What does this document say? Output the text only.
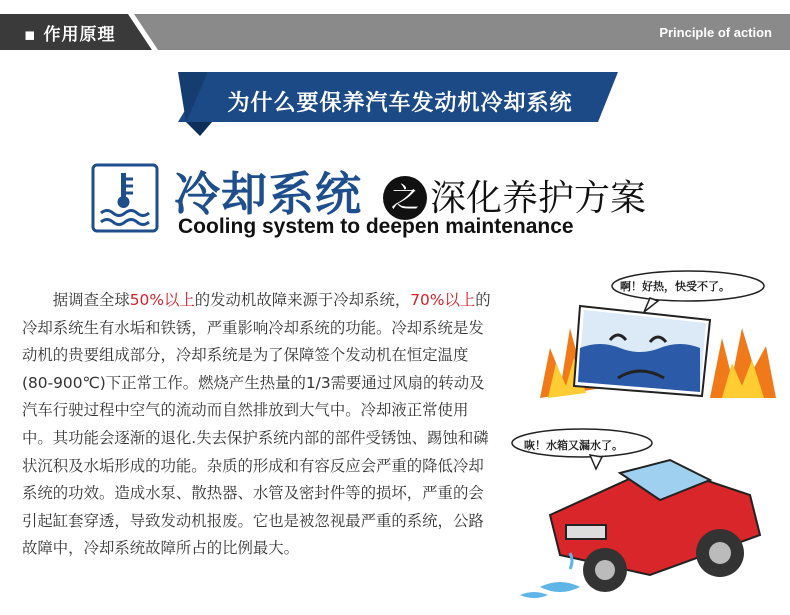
▪ 作用原理	Principle of action
为什么要保养汽车发动机冷却系统
冷却系统 之 深化养护方案
Cooling system to deepen maintenance
  据调查全球50%以上的发动机故障来源于冷却系统，70%以上的冷却系统生有水垢和铁锈，严重影响冷却系统的功能。冷却系统是发动机的贵要组成部分，冷却系统是为了保障签个发动机在恒定温度(80-900℃)下正常工作。燃烧产生热量的1/3需要通过风扇的转动及汽车行驶过程中空气的流动而自然排放到大气中。冷却液正常使用中。其功能会逐渐的退化.失去保护系统内部的部件受锈蚀、踢蚀和磷状沉积及水垢形成的功能。杂质的形成和有容反应会严重的降低冷却系统的功效。造成水泵、散热器、水管及密封件等的损坏，严重的会引起缸套穿透，导致发动机报废。它也是被忽视最严重的系统，公路故障中，冷却系统故障所占的比例最大。
啊！好热，快受不了。
咴！水箱又漏水了。
